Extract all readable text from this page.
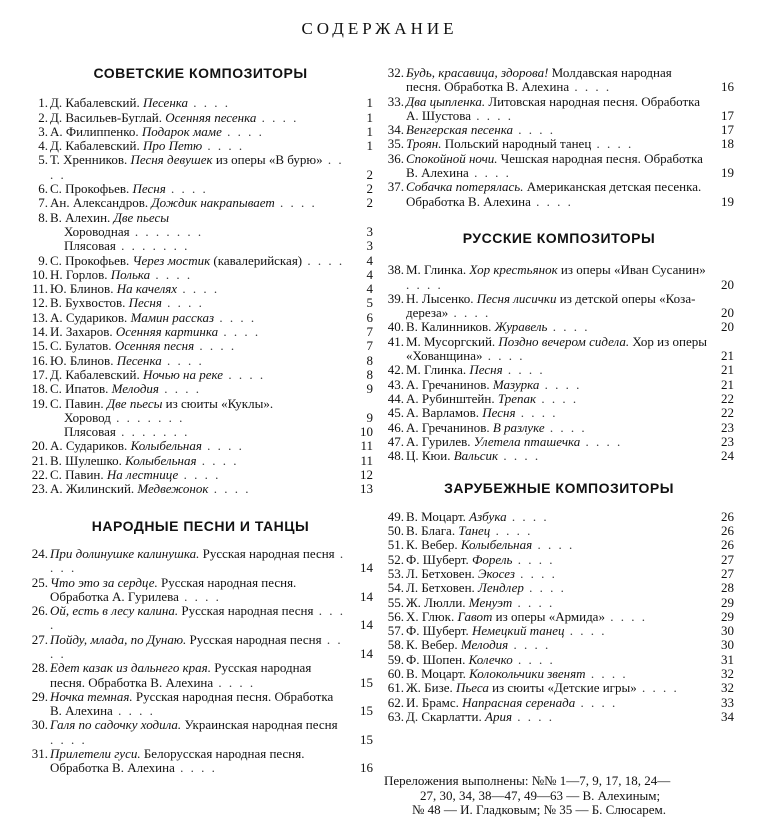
СОДЕРЖАНИЕ
СОВЕТСКИЕ КОМПОЗИТОРЫ
1. Д. Кабалевский. Песенка . . . .	1
2. Д. Васильев-Буглай. Осенняя песенка . . . .	1
3. А. Филиппенко. Подарок маме . . . .	1
4. Д. Кабалевский. Про Петю . . . .	1
5. Т. Хренников. Песня девушек из оперы «В бурю» . . . .	2
6. С. Прокофьев. Песня . . . .	2
7. Ан. Александров. Дождик накрапывает . . . .	2
8. В. Алехин. Две пьесы
Хороводная . . . . . . .	3
Плясовая . . . . . . .	3
9. С. Прокофьев. Через мостик (кавалерийская) . . . .	4
10. Н. Горлов. Полька . . . .	4
11. Ю. Блинов. На качелях . . . .	4
12. В. Бухвостов. Песня . . . .	5
13. А. Судариков. Мамин рассказ . . . .	6
14. И. Захаров. Осенняя картинка . . . .	7
15. С. Булатов. Осенняя песня . . . .	7
16. Ю. Блинов. Песенка . . . .	8
17. Д. Кабалевский. Ночью на реке . . . .	8
18. С. Ипатов. Мелодия . . . .	9
19. С. Павин. Две пьесы из сюиты «Куклы».
Хоровод . . . . . . .	9
Плясовая . . . . . . .	10
20. А. Судариков. Колыбельная . . . .	11
21. В. Шулешко. Колыбельная . . . .	11
22. С. Павин. На лестнице . . . .	12
23. А. Жилинский. Медвежонок . . . .	13
НАРОДНЫЕ ПЕСНИ И ТАНЦЫ
24. При долинушке калинушка. Русская народная песня . . . .	14
25. Что это за сердце. Русская народная песня. Обработка А. Гурилева . . . .	14
26. Ой, есть в лесу калина. Русская народная песня . . . .	14
27. Пойду, млада, по Дунаю. Русская народная песня . . . .	14
28. Едет казак из дальнего края. Русская народная песня. Обработка В. Алехина . . . .	15
29. Ночка темная. Русская народная песня. Обработка В. Алехина . . . .	15
30. Галя по садочку ходила. Украинская народная песня . . . .	15
31. Прилетели гуси. Белорусская народная песня. Обработка В. Алехина . . . .	16
32. Будь, красавица, здорова! Молдавская народная песня. Обработка В. Алехина . . . .	16
33. Два цыпленка. Литовская народная песня. Обработка А. Шустова . . . .	17
34. Венгерская песенка . . . .	17
35. Троян. Польский народный танец . . . .	18
36. Спокойной ночи. Чешская народная песня. Обработка В. Алехина . . . .	19
37. Собачка потерялась. Американская детская песенка. Обработка В. Алехина . . . .	19
РУССКИЕ КОМПОЗИТОРЫ
38. М. Глинка. Хор крестьянок из оперы «Иван Сусанин» . . . .	20
39. Н. Лысенко. Песня лисички из детской оперы «Коза-дереза» . . . .	20
40. В. Калинников. Журавель . . . .	20
41. М. Мусоргский. Поздно вечером сидела. Хор из оперы «Хованщина» . . . .	21
42. М. Глинка. Песня . . . .	21
43. А. Гречанинов. Мазурка . . . .	21
44. А. Рубинштейн. Трепак . . . .	22
45. А. Варламов. Песня . . . .	22
46. А. Гречанинов. В разлуке . . . .	23
47. А. Гурилев. Улетела пташечка . . . .	23
48. Ц. Кюи. Вальсик . . . .	24
ЗАРУБЕЖНЫЕ КОМПОЗИТОРЫ
49. В. Моцарт. Азбука . . . .	26
50. В. Блага. Танец . . . .	26
51. К. Вебер. Колыбельная . . . .	26
52. Ф. Шуберт. Форель . . . .	27
53. Л. Бетховен. Экосез . . . .	27
54. Л. Бетховен. Лендлер . . . .	28
55. Ж. Люлли. Менуэт . . . .	29
56. Х. Глюк. Гавот из оперы «Армида» . . . .	29
57. Ф. Шуберт. Немецкий танец . . . .	30
58. К. Вебер. Мелодия . . . .	30
59. Ф. Шопен. Колечко . . . .	31
60. В. Моцарт. Колокольчики звенят . . . .	32
61. Ж. Бизе. Пьеса из сюиты «Детские игры» . . . .	32
62. И. Брамс. Напрасная серенада . . . .	33
63. Д. Скарлатти. Ария . . . .	34
Переложения выполнены: №№ 1—7, 9, 17, 18, 24—
27, 30, 34, 38—47, 49—63 — В. Алехиным;
№ 48 — И. Гладковым; № 35 — Б. Слюсарем.
